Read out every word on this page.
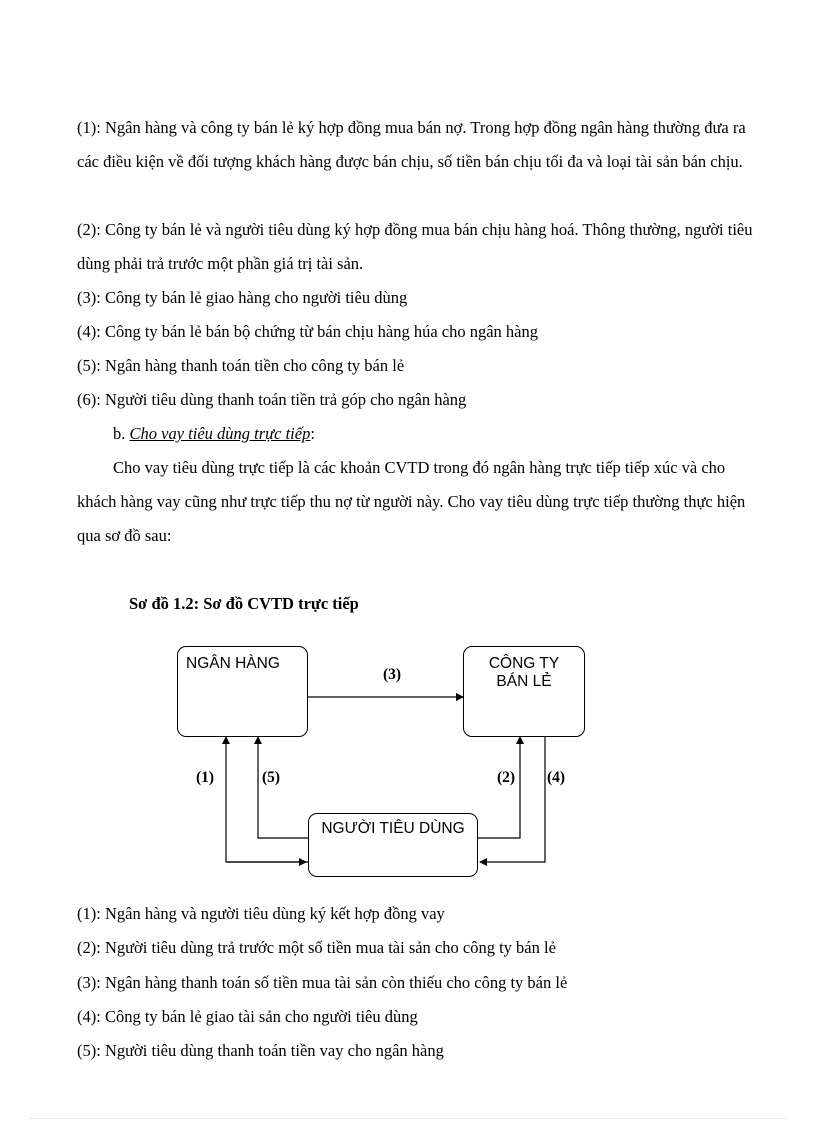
(1): Ngân hàng và công ty bán lẻ ký hợp đồng mua bán nợ. Trong hợp đồng ngân hàng thường đưa ra các điều kiện về đối tượng khách hàng được bán chịu, số tiền bán chịu tối đa và loại tài sản bán chịu.

(2): Công ty bán lẻ và người tiêu dùng ký hợp đồng mua bán chịu hàng hoá. Thông thường, người tiêu dùng phải trả trước một phần giá trị tài sản.

(3): Công ty bán lẻ giao hàng cho người tiêu dùng
(4): Công ty bán lẻ bán bộ chứng từ bán chịu hàng húa cho ngân hàng
(5): Ngân hàng thanh toán tiền cho công ty bán lẻ
(6): Người tiêu dùng thanh toán tiền trả góp cho ngân hàng
b. Cho vay tiêu dùng trực tiếp:

Cho vay tiêu dùng trực tiếp là các khoản CVTD trong đó ngân hàng trực tiếp tiếp xúc và cho khách hàng vay cũng như trực tiếp thu nợ từ người này. Cho vay tiêu dùng trực tiếp thường thực hiện qua sơ đồ sau:

Sơ đồ 1.2: Sơ đồ CVTD trực tiếp
NGÂN HÀNG	CÔNG TY
BÁN LẺ
NGƯỜI TIÊU DÙNG
(3)
(1)	(5)	(2) (4)
(1): Ngân hàng và người tiêu dùng ký kết hợp đồng vay
(2): Người tiêu dùng trả trước một số tiền mua tài sản cho công ty bán lẻ
(3): Ngân hàng thanh toán số tiền mua tài sản còn thiếu cho công ty bán lẻ
(4): Công ty bán lẻ giao tài sản cho người tiêu dùng
(5): Người tiêu dùng thanh toán tiền vay cho ngân hàng
